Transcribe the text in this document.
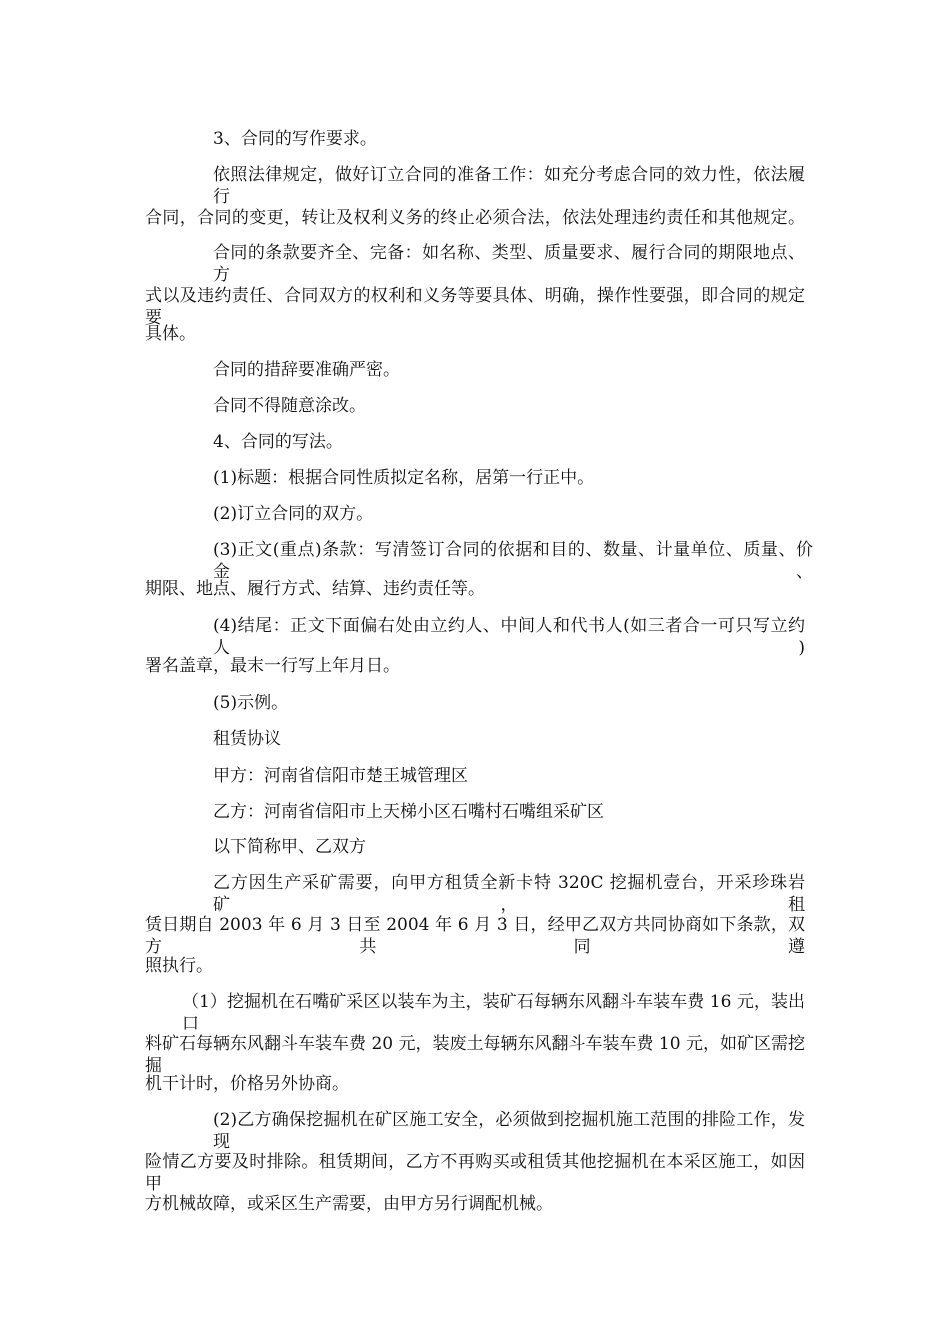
3、合同的写作要求。

依照法律规定，做好订立合同的准备工作：如充分考虑合同的效力性，依法履行

合同，合同的变更，转让及权利义务的终止必须合法，依法处理违约责任和其他规定。

合同的条款要齐全、完备：如名称、类型、质量要求、履行合同的期限地点、方

式以及违约责任、合同双方的权利和义务等要具体、明确，操作性要强，即合同的规定要

具体。

合同的措辞要准确严密。

合同不得随意涂改。

4、合同的写法。

(1)标题：根据合同性质拟定名称，居第一行正中。

(2)订立合同的双方。

(3)正文(重点)条款：写清签订合同的依据和目的、数量、计量单位、质量、价金、

期限、地点、履行方式、结算、违约责任等。

(4)结尾：正文下面偏右处由立约人、中间人和代书人(如三者合一可只写立约人)

署名盖章，最末一行写上年月日。

(5)示例。

租赁协议

甲方：河南省信阳市楚王城管理区

乙方：河南省信阳市上天梯小区石嘴村石嘴组采矿区

以下简称甲、乙双方

乙方因生产采矿需要，向甲方租赁全新卡特 320C 挖掘机壹台，开采珍珠岩矿，租

赁日期自 2003 年 6 月 3 日至 2004 年 6 月 3 日，经甲乙双方共同协商如下条款，双方共同遵

照执行。

（1）挖掘机在石嘴矿采区以装车为主，装矿石每辆东风翻斗车装车费 16 元，装出口

料矿石每辆东风翻斗车装车费 20 元，装废土每辆东风翻斗车装车费 10 元，如矿区需挖掘

机干计时，价格另外协商。

(2)乙方确保挖掘机在矿区施工安全，必须做到挖掘机施工范围的排险工作，发现

险情乙方要及时排除。租赁期间，乙方不再购买或租赁其他挖掘机在本采区施工，如因甲

方机械故障，或采区生产需要，由甲方另行调配机械。
